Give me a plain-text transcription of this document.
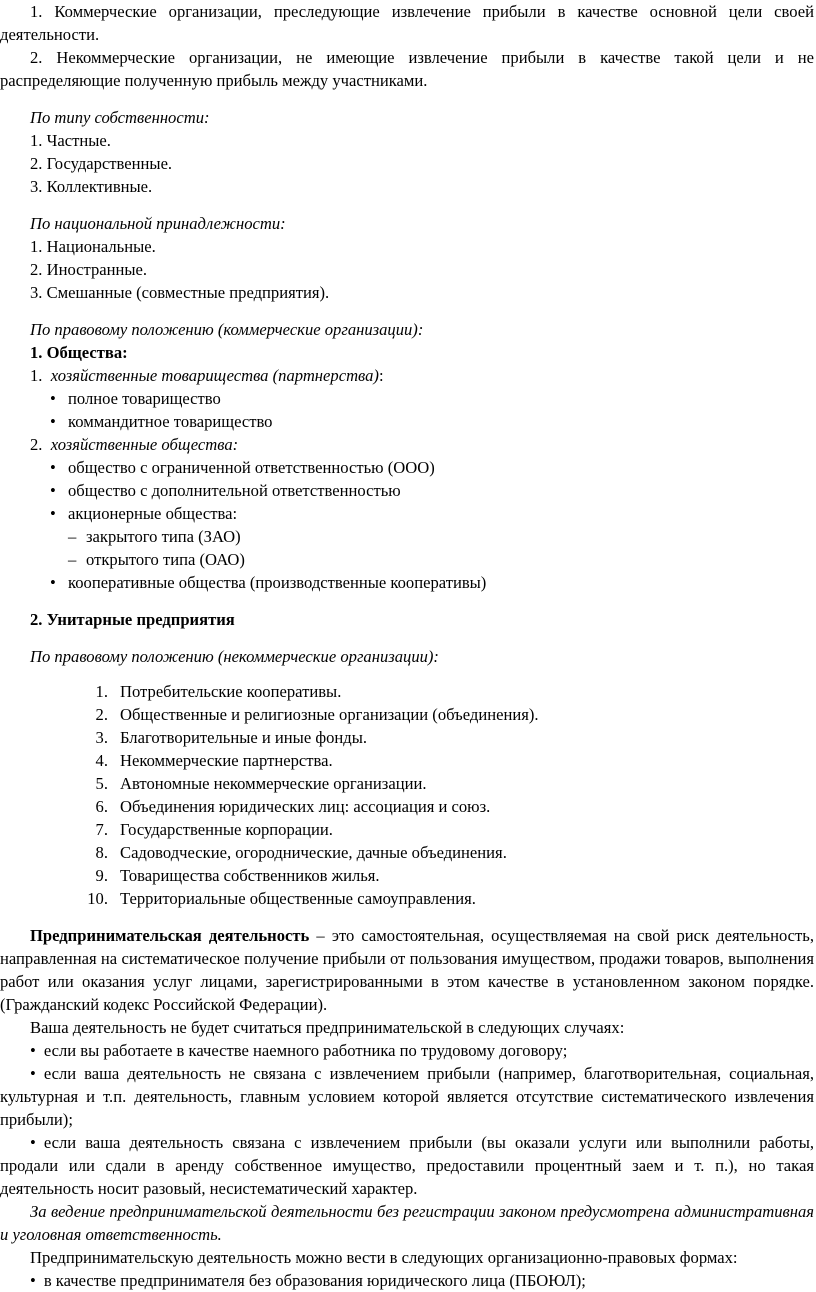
1. Коммерческие организации, преследующие извлечение прибыли в качестве основной цели своей деятельности.

2. Некоммерческие организации, не имеющие извлечение прибыли в качестве такой цели и не распределяющие полученную прибыль между участниками.

По типу собственности:

1. Частные.

2. Государственные.

3. Коллективные.

По национальной принадлежности:

1. Национальные.

2. Иностранные.

3. Смешанные (совместные предприятия).

По правовому положению (коммерческие организации):

1. Общества:

1. хозяйственные товарищества (партнерства):

• полное товарищество

• коммандитное товарищество

2. хозяйственные общества:

• общество с ограниченной ответственностью (ООО)

• общество с дополнительной ответственностью

• акционерные общества:

– закрытого типа (ЗАО)

– открытого типа (ОАО)

• кооперативные общества (производственные кооперативы)

2. Унитарные предприятия

По правовому положению (некоммерческие организации):

1. Потребительские кооперативы.

2. Общественные и религиозные организации (объединения).

3. Благотворительные и иные фонды.

4. Некоммерческие партнерства.

5. Автономные некоммерческие организации.

6. Объединения юридических лиц: ассоциация и союз.

7. Государственные корпорации.

8. Садоводческие, огороднические, дачные объединения.

9. Товарищества собственников жилья.

10. Территориальные общественные самоуправления.

Предпринимательская деятельность – это самостоятельная, осуществляемая на свой риск деятельность, направленная на систематическое получение прибыли от пользования имуществом, продажи товаров, выполнения работ или оказания услуг лицами, зарегистрированными в этом качестве в установленном законом порядке. (Гражданский кодекс Российской Федерации).

Ваша деятельность не будет считаться предпринимательской в следующих случаях:

• если вы работаете в качестве наемного работника по трудовому договору;

• если ваша деятельность не связана с извлечением прибыли (например, благотворительная, социальная, культурная и т.п. деятельность, главным условием которой является отсутствие систематического извлечения прибыли);

• если ваша деятельность связана с извлечением прибыли (вы оказали услуги или выполнили работы, продали или сдали в аренду собственное имущество, предоставили процентный заем и т. п.), но такая деятельность носит разовый, несистематический характер.

За ведение предпринимательской деятельности без регистрации законом предусмотрена административная и уголовная ответственность.

Предпринимательскую деятельность можно вести в следующих организационно-правовых формах:

• в качестве предпринимателя без образования юридического лица (ПБОЮЛ);
